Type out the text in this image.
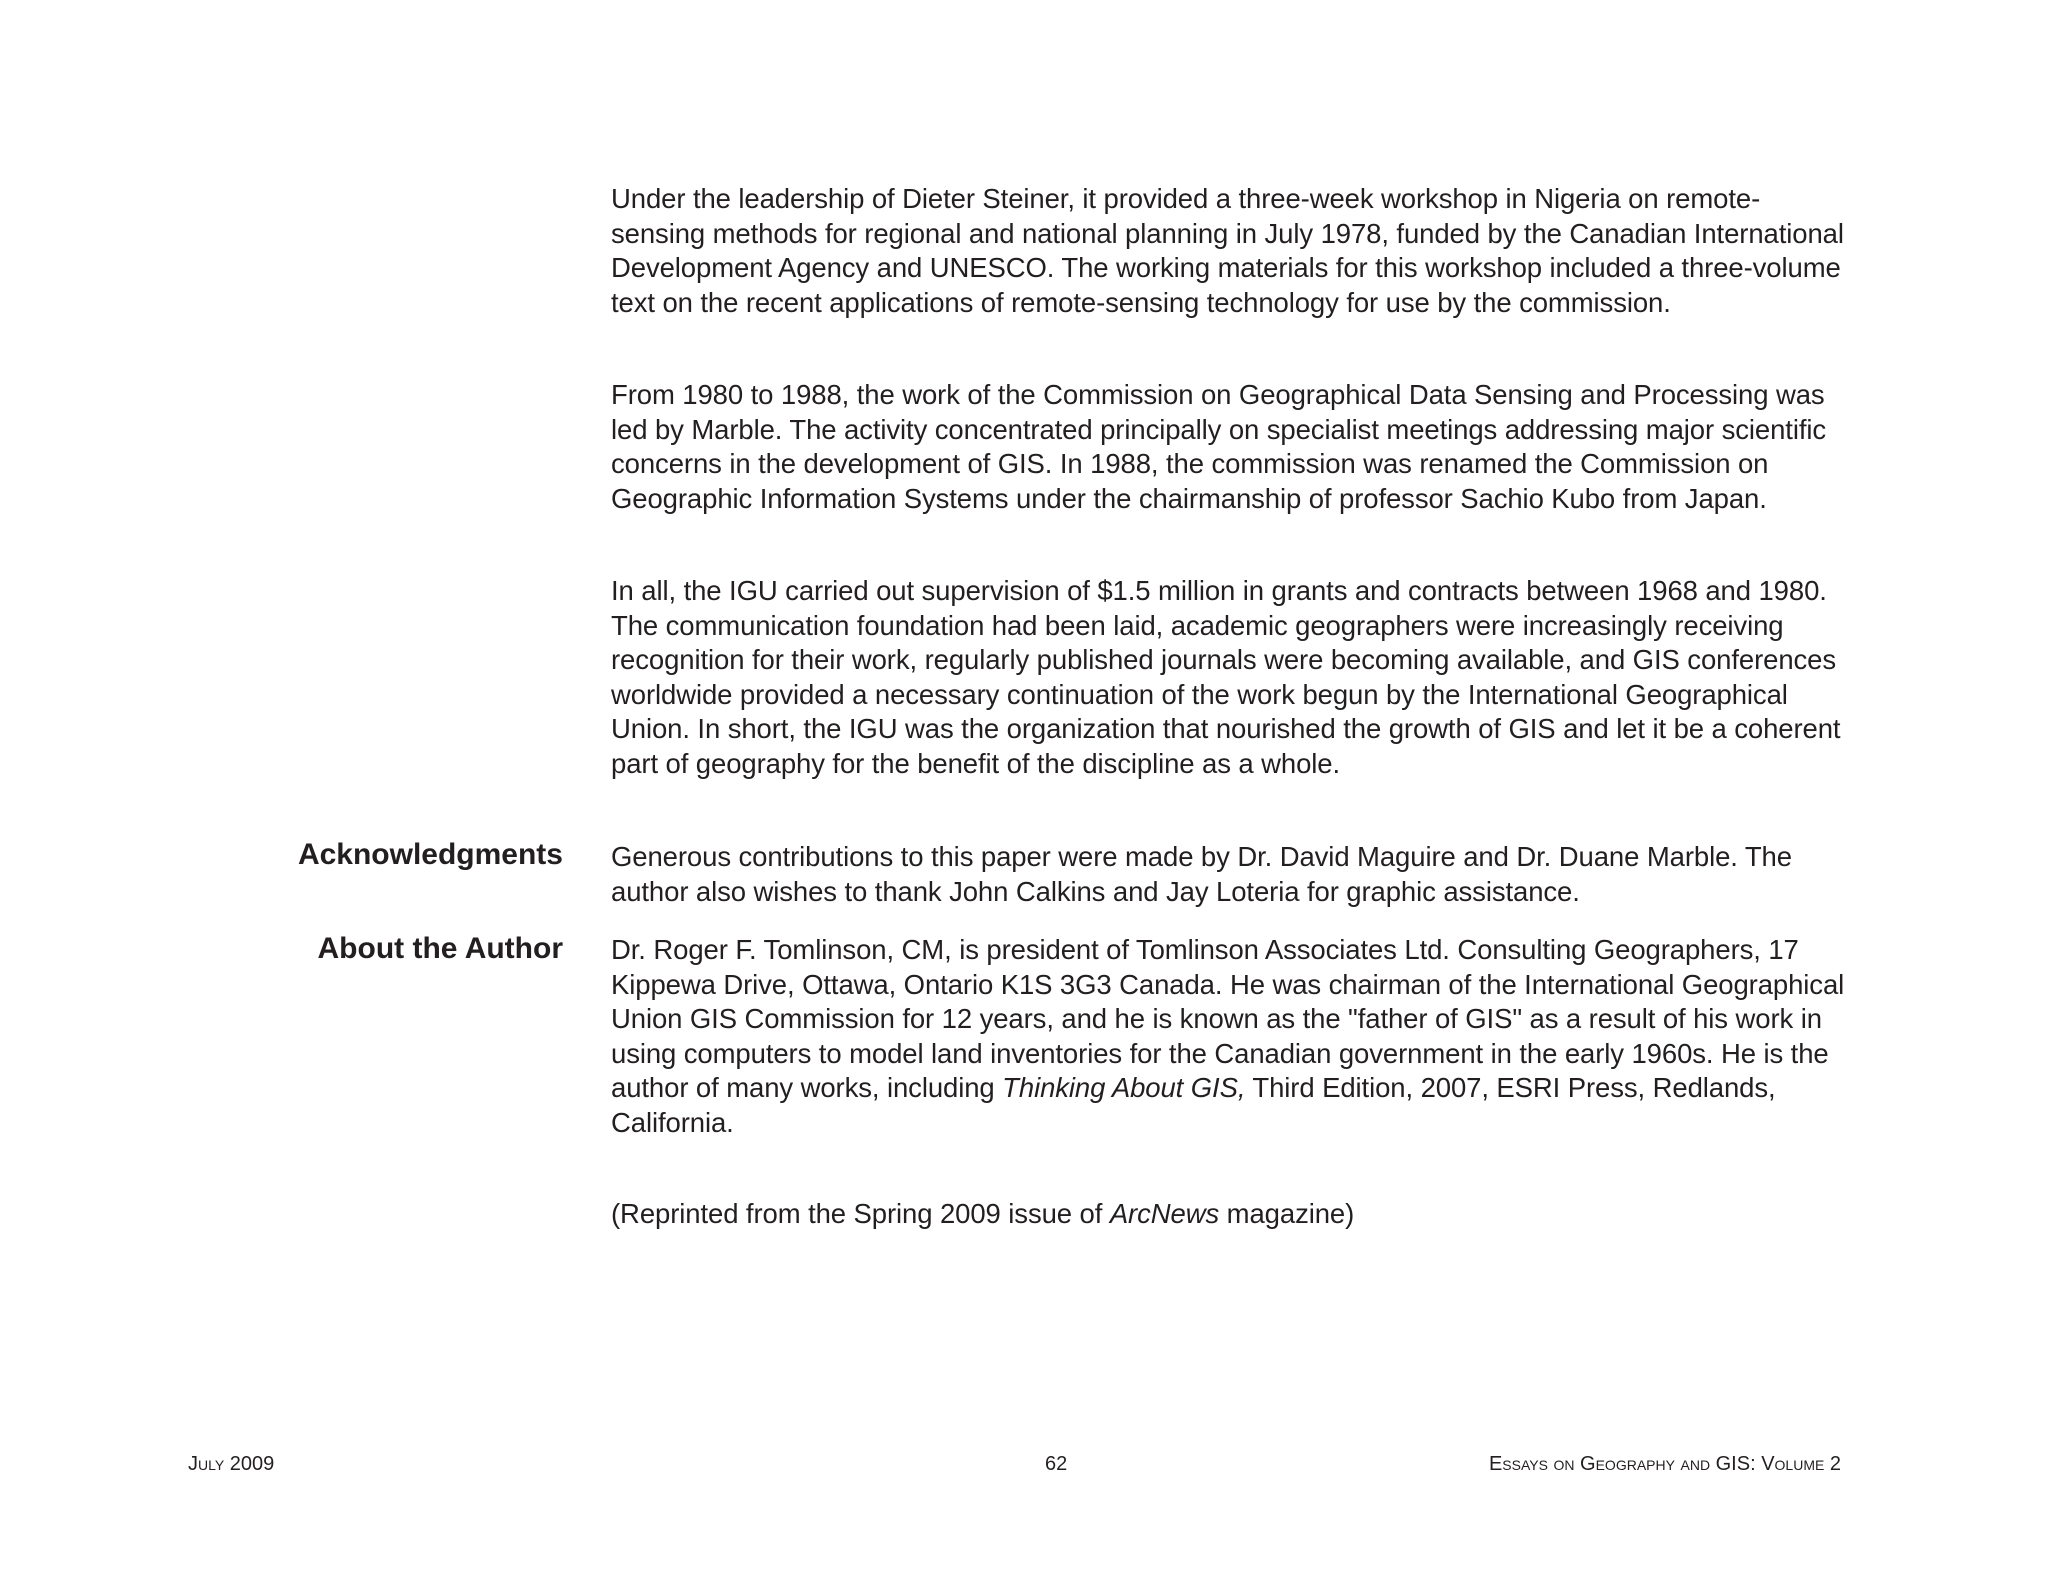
Under the leadership of Dieter Steiner, it provided a three-week workshop in Nigeria on remote-sensing methods for regional and national planning in July 1978, funded by the Canadian International Development Agency and UNESCO. The working materials for this workshop included a three-volume text on the recent applications of remote-sensing technology for use by the commission.

From 1980 to 1988, the work of the Commission on Geographical Data Sensing and Processing was led by Marble. The activity concentrated principally on specialist meetings addressing major scientific concerns in the development of GIS. In 1988, the commission was renamed the Commission on Geographic Information Systems under the chairmanship of professor Sachio Kubo from Japan.

In all, the IGU carried out supervision of $1.5 million in grants and contracts between 1968 and 1980. The communication foundation had been laid, academic geographers were increasingly receiving recognition for their work, regularly published journals were becoming available, and GIS conferences worldwide provided a necessary continuation of the work begun by the International Geographical Union. In short, the IGU was the organization that nourished the growth of GIS and let it be a coherent part of geography for the benefit of the discipline as a whole.

Acknowledgments Generous contributions to this paper were made by Dr. David Maguire and Dr. Duane Marble. The author also wishes to thank John Calkins and Jay Loteria for graphic assistance.

About the Author Dr. Roger F. Tomlinson, CM, is president of Tomlinson Associates Ltd. Consulting Geographers, 17 Kippewa Drive, Ottawa, Ontario K1S 3G3 Canada. He was chairman of the International Geographical Union GIS Commission for 12 years, and he is known as the "father of GIS" as a result of his work in using computers to model land inventories for the Canadian government in the early 1960s. He is the author of many works, including Thinking About GIS, Third Edition, 2007, ESRI Press, Redlands, California.

(Reprinted from the Spring 2009 issue of ArcNews magazine)

July 2009	62	Essays on Geography and GIS: Volume 2
